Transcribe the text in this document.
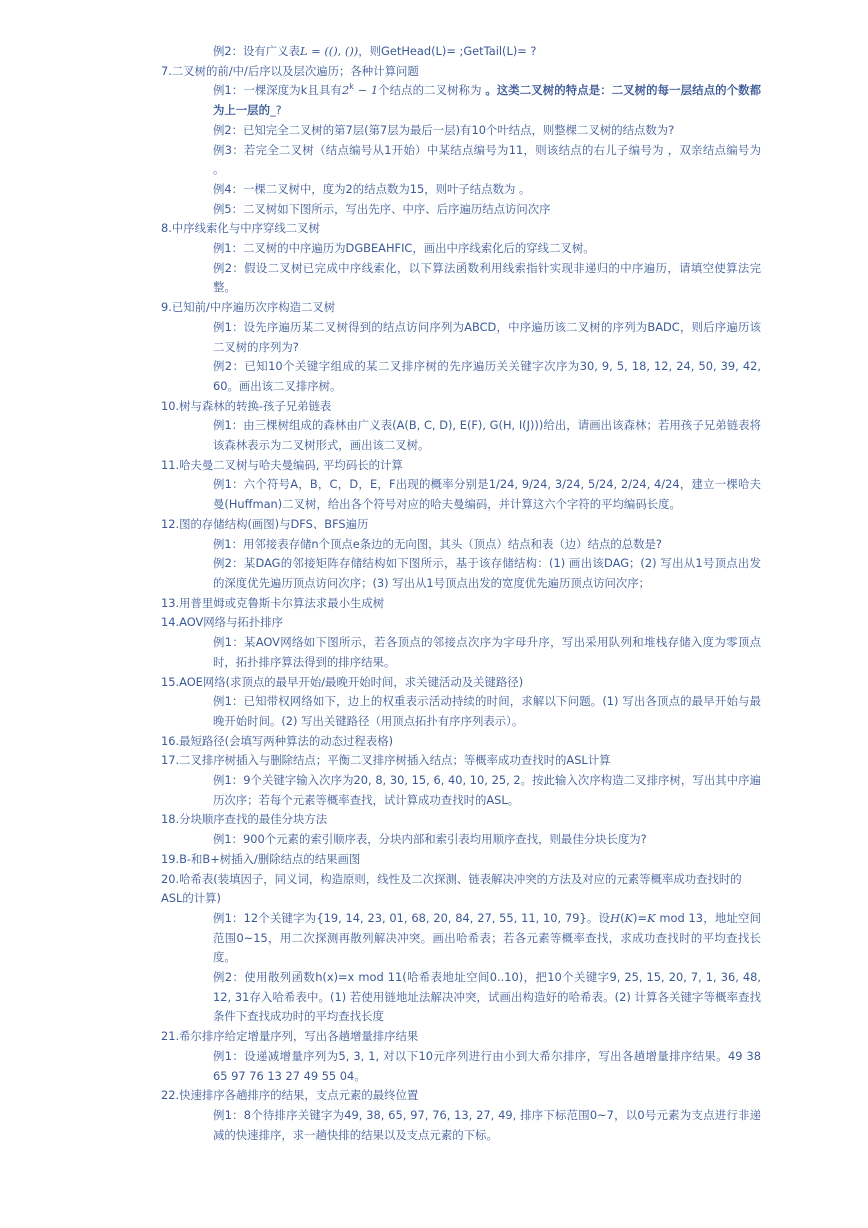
例2：设有广义表L = ((), ())，则GetHead(L)= ;GetTail(L)= ?

7.二叉树的前/中/后序以及层次遍历；各种计算问题

例1：一棵深度为k且具有$2^k - 1$个结点的二叉树称为 。这类二叉树的特点是：二叉树的每一层结点的个数都为上一层的_?

例2：已知完全二叉树的第7层(第7层为最后一层)有10个叶结点，则整棵二叉树的结点数为?

例3：若完全二叉树（结点编号从1开始）中某结点编号为11，则该结点的右儿子编号为 ，双亲结点编号为 。

例4：一棵二叉树中，度为2的结点数为15，则叶子结点数为 。

例5：二叉树如下图所示，写出先序、中序、后序遍历结点访问次序

8.中序线索化与中序穿线二叉树

例1：二叉树的中序遍历为DGBEAHFIC，画出中序线索化后的穿线二叉树。

例2：假设二叉树已完成中序线索化，以下算法函数利用线索指针实现非递归的中序遍历，请填空使算法完整。

9.已知前/中序遍历次序构造二叉树

例1：设先序遍历某二叉树得到的结点访问序列为ABCD，中序遍历该二叉树的序列为BADC，则后序遍历该二叉树的序列为?

例2：已知10个关键字组成的某二叉排序树的先序遍历关关键字次序为30, 9, 5, 18, 12, 24, 50, 39, 42, 60。画出该二叉排序树。

10.树与森林的转换-孩子兄弟链表

例1：由三棵树组成的森林由广义表(A(B, C, D), E(F), G(H, I(J)))给出，请画出该森林；若用孩子兄弟链表将该森林表示为二叉树形式，画出该二叉树。

11.哈夫曼二叉树与哈夫曼编码, 平均码长的计算

例1：六个符号A，B，C，D，E，F出现的概率分别是1/24, 9/24, 3/24, 5/24, 2/24, 4/24，建立一棵哈夫曼(Huffman)二叉树，给出各个符号对应的哈夫曼编码，并计算这六个字符的平均编码长度。

12.图的存储结构(画图)与DFS、BFS遍历

例1：用邻接表存储n个顶点e条边的无向图，其头（顶点）结点和表（边）结点的总数是?

例2：某DAG的邻接矩阵存储结构如下图所示，基于该存储结构：(1) 画出该DAG；(2) 写出从1号顶点出发的深度优先遍历顶点访问次序；(3) 写出从1号顶点出发的宽度优先遍历顶点访问次序；

13.用普里姆或克鲁斯卡尔算法求最小生成树

14.AOV网络与拓扑排序

例1：某AOV网络如下图所示，若各顶点的邻接点次序为字母升序，写出采用队列和堆栈存储入度为零顶点时，拓扑排序算法得到的排序结果。

15.AOE网络(求顶点的最早开始/最晚开始时间，求关键活动及关键路径)

例1：已知带权网络如下，边上的权重表示活动持续的时间，求解以下问题。(1) 写出各顶点的最早开始与最晚开始时间。(2) 写出关键路径（用顶点拓扑有序序列表示）。

16.最短路径(会填写两种算法的动态过程表格)

17.二叉排序树插入与删除结点；平衡二叉排序树插入结点；等概率成功查找时的ASL计算

例1：9个关键字输入次序为20, 8, 30, 15, 6, 40, 10, 25, 2。按此输入次序构造二叉排序树，写出其中序遍历次序；若每个元素等概率查找，试计算成功查找时的ASL。

18.分块顺序查找的最佳分块方法

例1：900个元素的索引顺序表，分块内部和索引表均用顺序查找，则最佳分块长度为?

19.B-和B+树插入/删除结点的结果画图

20.哈希表(装填因子，同义词，构造原则，线性及二次探测、链表解决冲突的方法及对应的元素等概率成功查找时的ASL的计算)

例1：12个关键字为{19, 14, 23, 01, 68, 20, 84, 27, 55, 11, 10, 79}。设H(K)=K mod 13，地址空间范围0~15，用二次探测再散列解决冲突。画出哈希表；若各元素等概率查找，求成功查找时的平均查找长度。

例2：使用散列函数h(x)=x mod 11(哈希表地址空间0..10)，把10个关键字9, 25, 15, 20, 7, 1, 36, 48, 12, 31存入哈希表中。(1) 若使用链地址法解决冲突，试画出构造好的哈希表。(2) 计算各关键字等概率查找条件下查找成功时的平均查找长度

21.希尔排序给定增量序列，写出各趟增量排序结果

例1：设递减增量序列为5, 3, 1, 对以下10元序列进行由小到大希尔排序，写出各趟增量排序结果。49 38 65 97 76 13 27 49 55 04。

22.快速排序各趟排序的结果，支点元素的最终位置

例1：8个待排序关键字为49, 38, 65, 97, 76, 13, 27, 49, 排序下标范围0~7，以0号元素为支点进行非递减的快速排序，求一趟快排的结果以及支点元素的下标。
